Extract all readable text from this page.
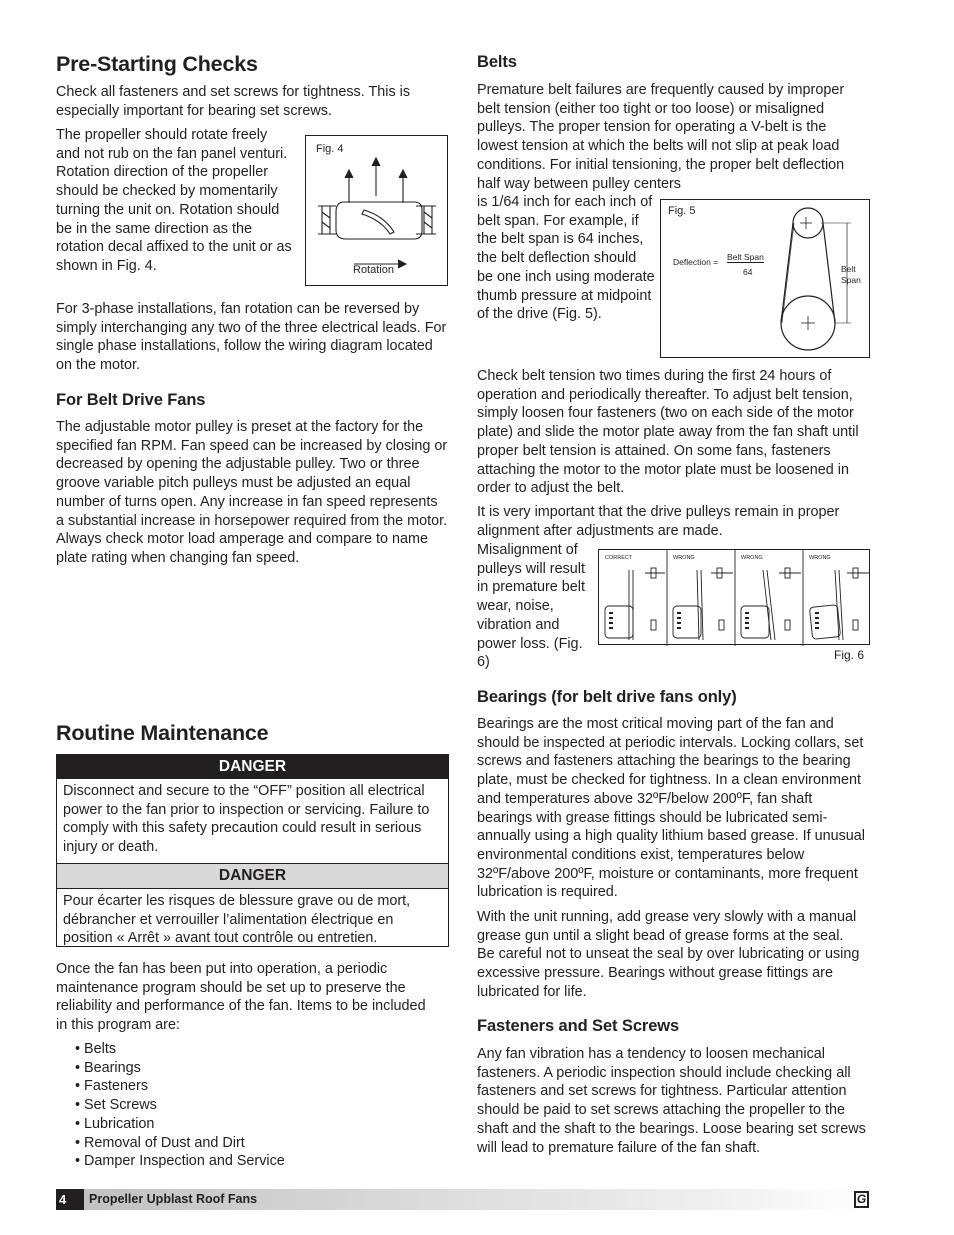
Pre-Starting Checks

Check all fasteners and set screws for tightness. This is especially important for bearing set screws.

The propeller should rotate freely and not rub on the fan panel venturi. Rotation direction of the propeller should be checked by momentarily turning the unit on. Rotation should be in the same direction as the rotation decal affixed to the unit or as shown in Fig. 4.

Fig. 4
Rotation

For 3-phase installations, fan rotation can be reversed by simply interchanging any two of the three electrical leads. For single phase installations, follow the wiring diagram located on the motor.

For Belt Drive Fans

The adjustable motor pulley is preset at the factory for the specified fan RPM. Fan speed can be increased by closing or decreased by opening the adjustable pulley. Two or three groove variable pitch pulleys must be adjusted an equal number of turns open. Any increase in fan speed represents a substantial increase in horsepower required from the motor. Always check motor load amperage and compare to name plate rating when changing fan speed.

Routine Maintenance
DANGER
Disconnect and secure to the “OFF” position all electrical power to the fan prior to inspection or servicing. Failure to comply with this safety precaution could result in serious injury or death.
DANGER
Pour écarter les risques de blessure grave ou de mort, débrancher et verrouiller l’alimentation électrique en position « Arrêt » avant tout contrôle ou entretien.

Once the fan has been put into operation, a periodic maintenance program should be set up to preserve the reliability and performance of the fan. Items to be included in this program are:

• Belts
• Bearings
• Fasteners
• Set Screws
• Lubrication
• Removal of Dust and Dirt
• Damper Inspection and Service
Belts

Premature belt failures are frequently caused by improper belt tension (either too tight or too loose) or misaligned pulleys. The proper tension for operating a V-belt is the lowest tension at which the belts will not slip at peak load conditions. For initial tensioning, the proper belt deflection half way between pulley centers

is 1/64 inch for each inch of belt span. For example, if the belt span is 64 inches, the belt deflection should be one inch using moderate thumb pressure at midpoint of the drive (Fig. 5).

Fig. 5
Deflection = Belt Span
64	Belt
Span

Check belt tension two times during the first 24 hours of operation and periodically thereafter. To adjust belt tension, simply loosen four fasteners (two on each side of the motor plate) and slide the motor plate away from the fan shaft until proper belt tension is attained. On some fans, fasteners attaching the motor to the motor plate must be loosened in order to adjust the belt.

It is very important that the drive pulleys remain in proper alignment after adjustments are made.

Misalignment of pulleys will result in premature belt wear, noise, vibration and power loss. (Fig. 6)

CORRECT	WRONG	WRONG	WRONG
Fig. 6
Bearings (for belt drive fans only)

Bearings are the most critical moving part of the fan and should be inspected at periodic intervals. Locking collars, set screws and fasteners attaching the bearings to the bearing plate, must be checked for tightness. In a clean environment and temperatures above 32ºF/below 200ºF, fan shaft bearings with grease fittings should be lubricated semi-annually using a high quality lithium based grease. If unusual environmental conditions exist, temperatures below 32ºF/above 200ºF, moisture or contaminants, more frequent lubrication is required.

With the unit running, add grease very slowly with a manual grease gun until a slight bead of grease forms at the seal. Be careful not to unseat the seal by over lubricating or using excessive pressure. Bearings without grease fittings are lubricated for life.

Fasteners and Set Screws

Any fan vibration has a tendency to loosen mechanical fasteners. A periodic inspection should include checking all fasteners and set screws for tightness. Particular attention should be paid to set screws attaching the propeller to the shaft and the shaft to the bearings. Loose bearing set screws will lead to premature failure of the fan shaft.

4	Propeller Upblast Roof Fans	G
